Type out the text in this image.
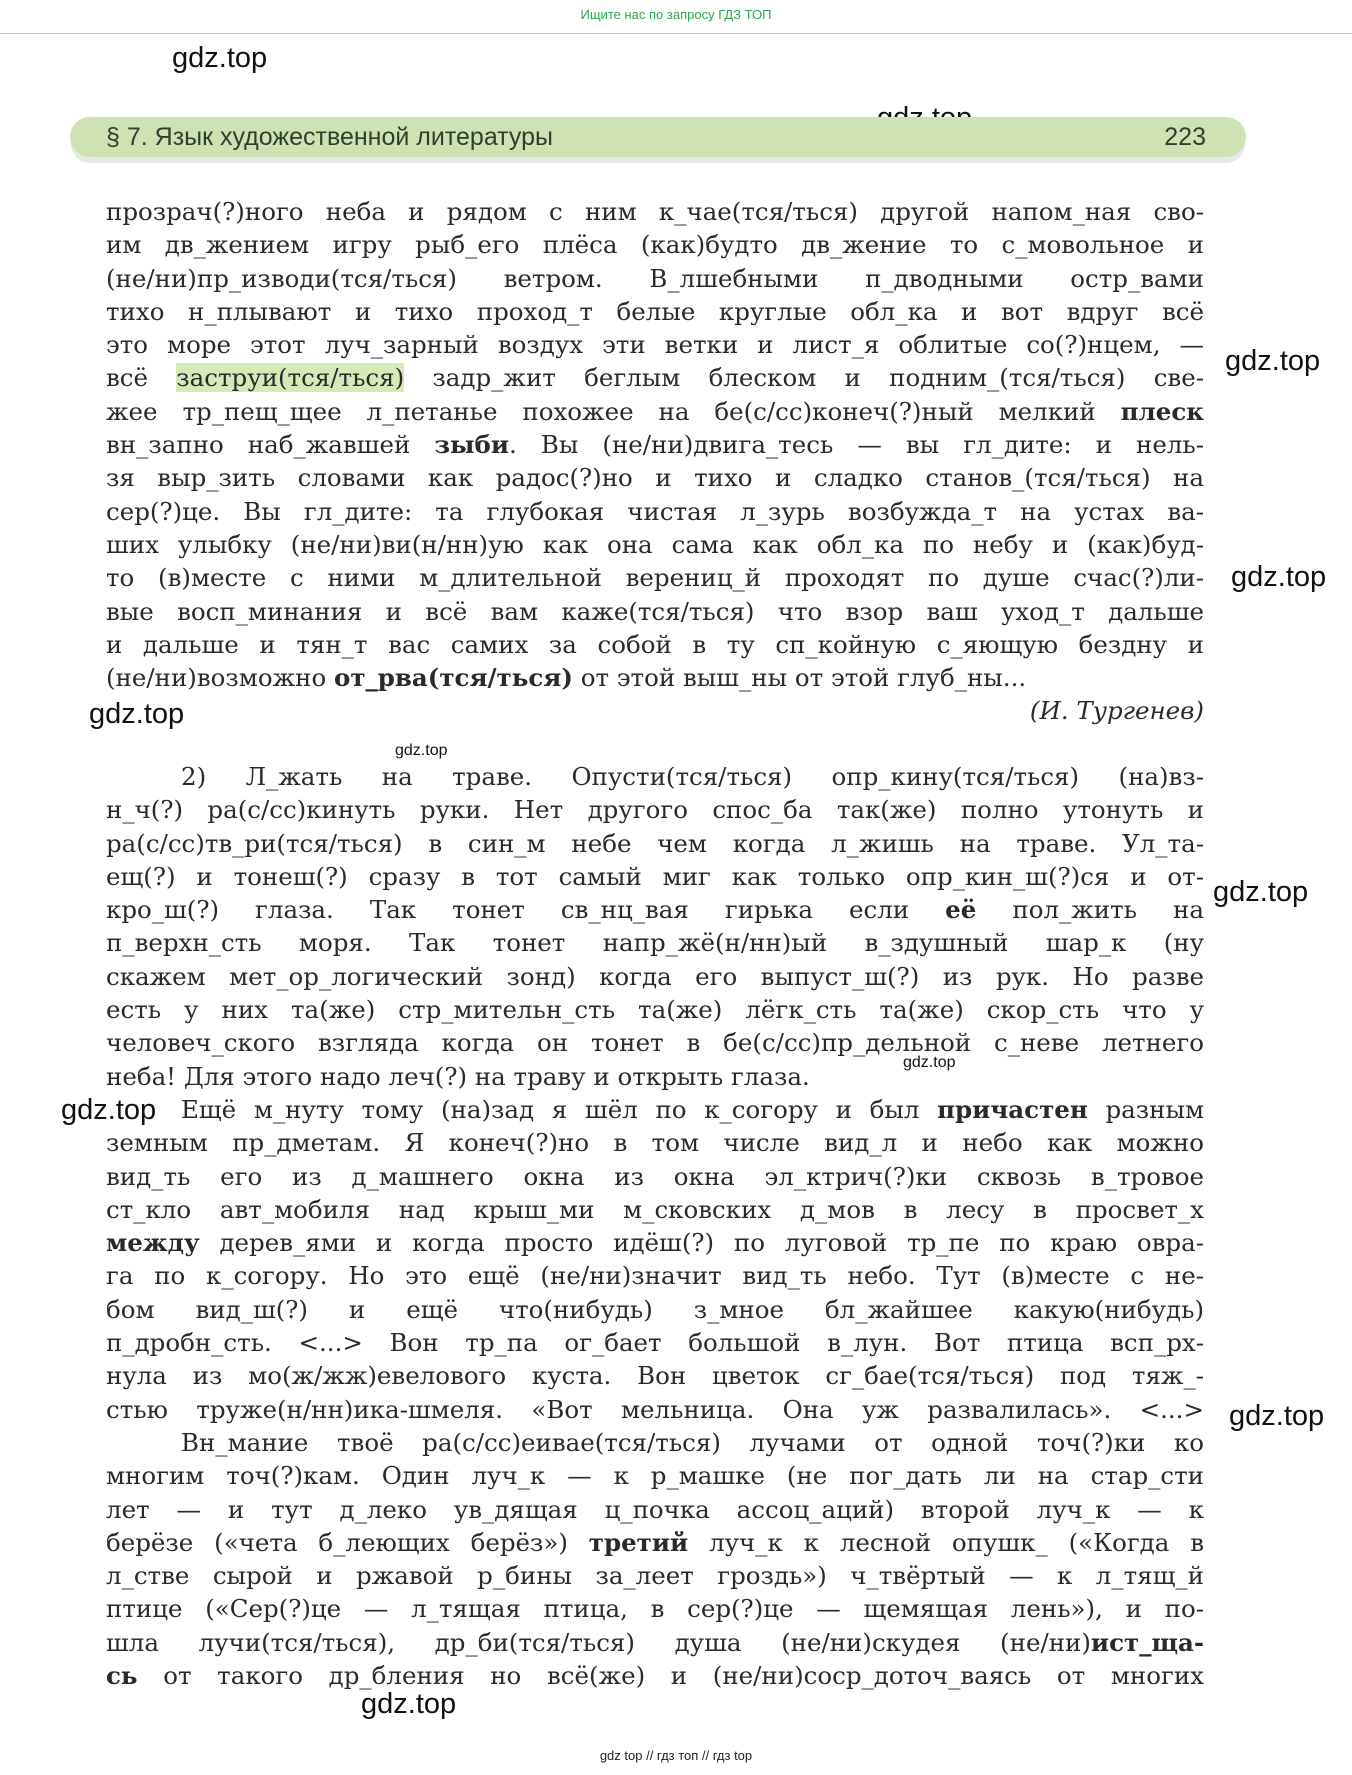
Ищите нас по запросу ГДЗ ТОП
gdz.top
§ 7. Язык художественной литературы	223
прозрач(?)ного неба и рядом с ним к_чае(тся/ться) другой напом_ная сво-
им дв_жением игру рыб_его плёса (как)будто дв_жение то с_мовольное и
(не/ни)пр_изводи(тся/ться) ветром. В_лшебными п_дводными остр_вами
тихо н_плывают и тихо проход_т белые круглые обл_ка и вот вдруг всё
это море этот луч_зарный воздух эти ветки и лист_я облитые со(?)нцем, —
всё заструи(тся/ться) задр_жит беглым блеском и подним_(тся/ться) све-
жее тр_пещ_щее л_петанье похожее на бе(с/сс)конеч(?)ный мелкий плеск
вн_запно наб_жавшей зыби. Вы (не/ни)двига_тесь — вы гл_дите: и нель-
зя выр_зить словами как радос(?)но и тихо и сладко станов_(тся/ться) на
сер(?)це. Вы гл_дите: та глубокая чистая л_зурь возбужда_т на устах ва-
ших улыбку (не/ни)ви(н/нн)ую как она сама как обл_ка по небу и (как)буд-
то (в)месте с ними м_длительной верениц_й проходят по душе счас(?)ли-
вые восп_минания и всё вам каже(тся/ться) что взор ваш уход_т дальше
и дальше и тян_т вас самих за собой в ту сп_койную с_яющую бездну и
(не/ни)возможно от_рва(тся/ться) от этой выш_ны от этой глуб_ны...
(И. Тургенев)
gdz.top
gdz.top
gdz.top
gdz.top
2) Л_жать на траве. Опусти(тся/ться) опр_кину(тся/ться) (на)вз-
н_ч(?) ра(с/сс)кинуть руки. Нет другого спос_ба так(же) полно утонуть и
ра(с/сс)тв_ри(тся/ться) в син_м небе чем когда л_жишь на траве. Ул_та-
ещ(?) и тонеш(?) сразу в тот самый миг как только опр_кин_ш(?)ся и от-
кро_ш(?) глаза. Так тонет св_нц_вая гирька если её пол_жить на
п_верхн_сть моря. Так тонет напр_жё(н/нн)ый в_здушный шар_к (ну
скажем мет_ор_логический зонд) когда его выпуст_ш(?) из рук. Но разве
есть у них та(же) стр_мительн_сть та(же) лёгк_сть та(же) скор_сть что у
человеч_ского взгляда когда он тонет в бе(с/сс)пр_дельной с_неве летнего
неба! Для этого надо леч(?) на траву и открыть глаза.
Ещё м_нуту тому (на)зад я шёл по к_согору и был причастен разным
земным пр_дметам. Я конеч(?)но в том числе вид_л и небо как можно
вид_ть его из д_машнего окна из окна эл_ктрич(?)ки сквозь в_тровое
ст_кло авт_мобиля над крыш_ми м_сковских д_мов в лесу в просвет_х
между дерев_ями и когда просто идёш(?) по луговой тр_пе по краю овра-
га по к_согору. Но это ещё (не/ни)значит вид_ть небо. Тут (в)месте с не-
бом вид_ш(?) и ещё что(нибудь) з_мное бл_жайшее какую(нибудь)
п_дробн_сть. <...> Вон тр_па ог_бает большой в_лун. Вот птица всп_рх-
нула из мо(ж/жж)евелового куста. Вон цветок сг_бае(тся/ться) под тяж_-
стью труже(н/нн)ика-шмеля. «Вот мельница. Она уж развалилась». <...>
Вн_мание твоё ра(с/сс)еивае(тся/ться) лучами от одной точ(?)ки ко
многим точ(?)кам. Один луч_к — к р_машке (не пог_дать ли на стар_сти
лет — и тут д_леко ув_дящая ц_почка ассоц_аций) второй луч_к — к
берёзе («чета б_леющих берёз») третий луч_к к лесной опушк_ («Когда в
л_стве сырой и ржавой р_бины за_леет гроздь») ч_твёртый — к л_тящ_й
птице («Сер(?)це — л_тящая птица, в сер(?)це — щемящая лень»), и по-
шла лучи(тся/ться), др_би(тся/ться) душа (не/ни)скудея (не/ни)ист_ща-
сь от такого др_бления но всё(же) и (не/ни)соср_доточ_ваясь от многих
gdz.top
gdz.top
gdz.top
gdz.top
gdz.top
gdz top // гдз топ // гдз top
